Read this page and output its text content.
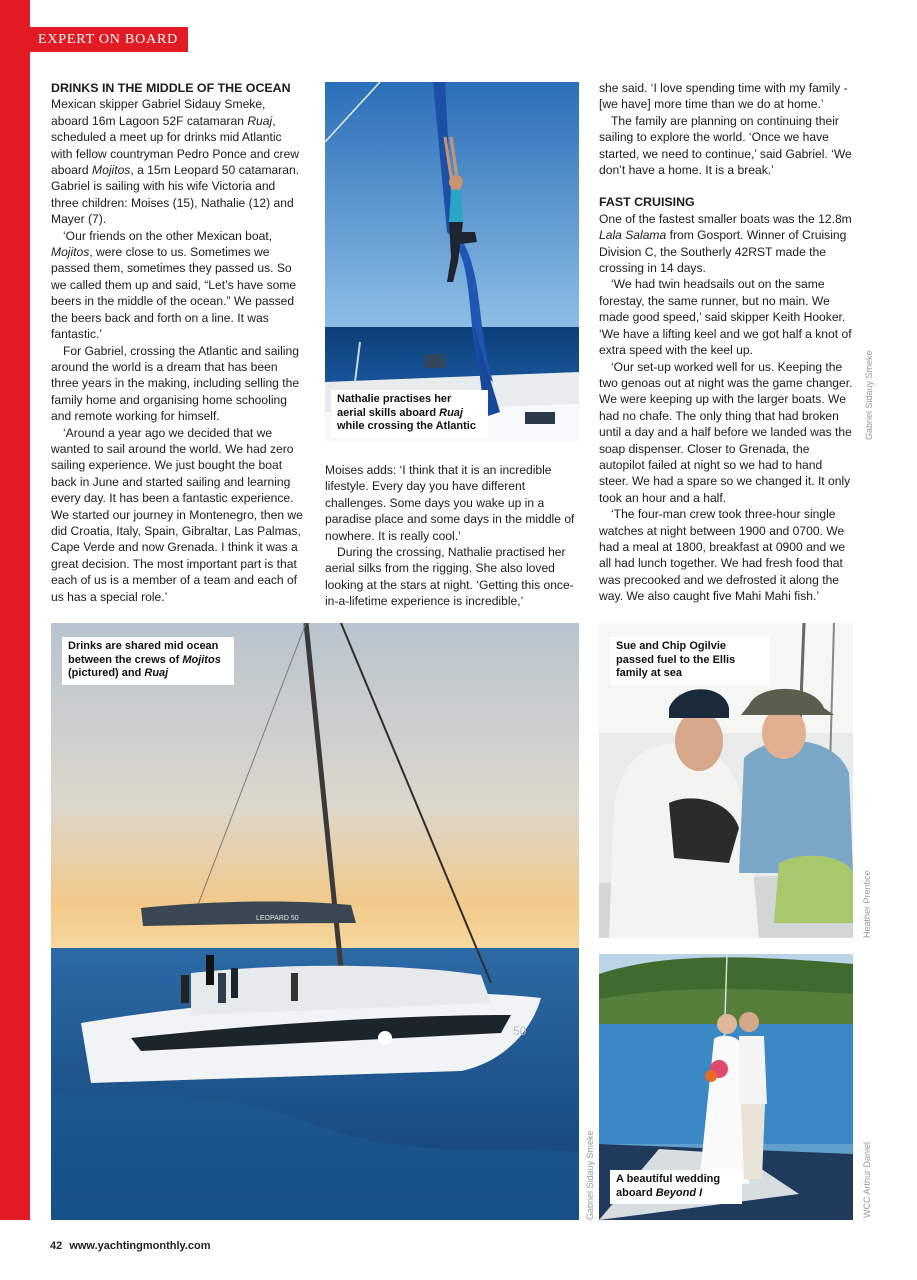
EXPERT ON BOARD
DRINKS IN THE MIDDLE OF THE OCEAN

Mexican skipper Gabriel Sidauy Smeke, aboard 16m Lagoon 52F catamaran Ruaj, scheduled a meet up for drinks mid Atlantic with fellow countryman Pedro Ponce and crew aboard Mojitos, a 15m Leopard 50 catamaran. Gabriel is sailing with his wife Victoria and three children: Moises (15), Nathalie (12) and Mayer (7).

‘Our friends on the other Mexican boat, Mojitos, were close to us. Sometimes we passed them, sometimes they passed us. So we called them up and said, “Let’s have some beers in the middle of the ocean.” We passed the beers back and forth on a line. It was fantastic.’

For Gabriel, crossing the Atlantic and sailing around the world is a dream that has been three years in the making, including selling the family home and organising home schooling and remote working for himself.

‘Around a year ago we decided that we wanted to sail around the world. We had zero sailing experience. We just bought the boat back in June and started sailing and learning every day. It has been a fantastic experience. We started our journey in Montenegro, then we did Croatia, Italy, Spain, Gibraltar, Las Palmas, Cape Verde and now Grenada. I think it was a great decision. The most important part is that each of us is a member of a team and each of us has a special role.’

Nathalie practises her aerial skills aboard Ruaj while crossing the Atlantic

Moises adds: ‘I think that it is an incredible lifestyle. Every day you have different challenges. Some days you wake up in a paradise place and some days in the middle of nowhere. It is really cool.’

During the crossing, Nathalie practised her aerial silks from the rigging. She also loved looking at the stars at night. ‘Getting this once-in-a-lifetime experience is incredible,’

she said. ‘I love spending time with my family - [we have] more time than we do at home.’

The family are planning on continuing their sailing to explore the world. ‘Once we have started, we need to continue,’ said Gabriel. ‘We don’t have a home. It is a break.’

FAST CRUISING

One of the fastest smaller boats was the 12.8m Lala Salama from Gosport. Winner of Cruising Division C, the Southerly 42RST made the crossing in 14 days.

‘We had twin headsails out on the same forestay, the same runner, but no main. We made good speed,’ said skipper Keith Hooker. ‘We have a lifting keel and we got half a knot of extra speed with the keel up.

‘Our set-up worked well for us. Keeping the two genoas out at night was the game changer. We were keeping up with the larger boats. We had no chafe. The only thing that had broken until a day and a half before we landed was the soap dispenser. Closer to Grenada, the autopilot failed at night so we had to hand steer. We had a spare so we changed it. It only took an hour and a half.

‘The four-man crew took three-hour single watches at night between 1900 and 0700. We had a meal at 1800, breakfast at 0900 and we all had lunch together. We had fresh food that was precooked and we defrosted it along the way. We also caught five Mahi Mahi fish.’

Gabriel Sidauy Smeke
LEOPARD 50
50
Drinks are shared mid ocean between the crews of Mojitos (pictured) and Ruaj
Gabriel Sidauy Smeke
Sue and Chip Ogilvie passed fuel to the Ellis family at sea
Heather Prentice
A beautiful wedding aboard Beyond I	WCC Arthur Daniel
42 www.yachtingmonthly.com
